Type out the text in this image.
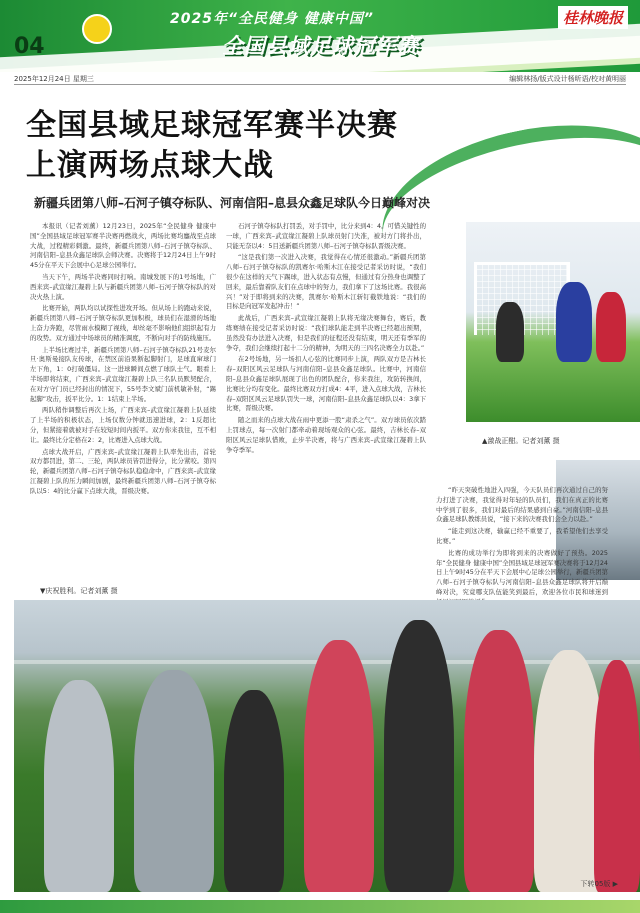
04
2025年“全民健身 健康中国”
全国县域足球冠军赛
桂林晚报
2025年12月24日 星期三	编辑林扬/版式设计杨昕语/校对黄明丽
全国县域足球冠军赛半决赛
上演两场点球大战
新疆兵团第八师–石河子镇夺标队、河南信阳–息县众鑫足球队今日巅峰对决

本报讯（记者刘薰）12月23日，2025年“全民健身 健康中国”全国县域足球冠军赛半决赛再燃战火，两场比赛均鏖战至点球大战，过程精彩刺激。最终，新疆兵团第八师–石河子镇夺标队、河南信阳–息县众鑫足球队会师决赛。决赛将于12月24日上午9时45分在平天下会展中心足球公园举行。

当天下午，两场半决赛同时打响。南城发展下的1号场地，广西来宾–武宣缘江凝碧上队与新疆兵团第八师–石河子镇夺标队的对决火热上演。

比赛开始，两队均以试探性进攻开场。但从场上的跑动来说，新疆兵团第八师–石河子镇夺标队更加积极，球员们在湿滑的场地上奋力奔跑，尽管雨水模糊了视线，却丝毫不影响他们组织起有力的攻势。双方通过中场球员的精准调度，不断向对手的防线施压。

上半场比赛过半，新疆兵团第八师–石河子镇夺标队21号麦尔旦·奥斯曼接队友传球，在禁区前沿果断起脚射门，足球直窜球门左下角，1：0打破僵局。这一进球瞬间点燃了球队士气。眼看上半场即将结束，广西来宾–武宣缘江凝碧上队三名队员默契配合，在对方守门员已经封出的情况下，55号李文斌门前机敏补射，“踢起脚”攻击，扳平比分。1：1结束上半场。

两队稍作调整后再次上场，广西来宾–武宣缘江凝碧上队延续了上半场的积极状态，上场仅数分钟就迅速进球，2：1反超比分，但紧接着就被对手在较短时间内扳平。双方你来我往，互不相让。最终比分定格在2：2，比赛进入点球大战。

点球大战开启，广西来宾–武宣缘江凝碧上队率先出击，首轮双方都罚进，第二、三轮，两队球员皆罚进得分，比分紧咬。第四轮，新疆兵团第八师–石河子镇夺标队稳稳命中，广西来宾–武宣缘江凝碧上队的压力瞬间加剧，最终新疆兵团第八师–石河子镇夺标队以5：4的比分赢下点球大战，晋级决赛。

石河子镇夺标队打罚丢，对手罚中，比分来到4：4。可惜关键性的一球，广西来宾–武宣缘江凝碧上队球员射门失准，被对方门将扑出，只能无奈以4：5目送新疆兵团第八师–石河子镇夺标队晋级决赛。

“这是我们第一次进入决赛，我觉得在心情还很激动。”新疆兵团第八师–石河子镇夺标队的凯赛尔·哈斯木江在接受记者采访时说，“我们很少在这样的天气下踢球，进入状态有点慢，但通过有分热身也调整了回来，最后靠着队友们在点球中的努力，我们拿下了这场比赛。我很高兴！”对于即将到来的决赛，凯赛尔·哈斯木江斩钉截铁地说：“我们的目标是向冠军发起冲击！”

此战后，广西来宾–武宣缘江凝碧上队将无缘决赛舞台，赛后，教练赛绩在接受记者采访时说：“我们球队能走到半决赛已经超出预期，虽然没有办法进入决赛，但是我们的征程还没有结束，明天还有季军的争夺，我们会继续打起十二分的精神，为明天的三四名决赛全力以赴。”

在2号场地，另一场扣人心弦的比赛同步上演，两队双方是吉林长春–双阳区风云足球队与河南信阳–息县众鑫足球队。比赛中，河南信阳–息县众鑫足球队展现了出色的团队配合，你来我往，攻防转换间，比赛比分均有变化。最终比赛双方打成4：4平，进入点球大战，吉林长春–双阳区风云足球队罚失一球，河南信阳–息县众鑫足球队以4：3拿下比赛，晋级决赛。

随之而来的点球大战在雨中更添一股“肃杀之气”。双方球员依次踏上罚球点，每一次射门都牵动着现场观众的心弦。最终，吉林长春–双阳区风云足球队惜败，止步半决赛，将与广西来宾–武宣缘江凝碧上队争夺季军。

▲激战正酣。记者刘薰 摄

“昨天突破性地进入四强，今天队员们再次通过自己的努力打进了决赛，我觉得对年轻的队员们，我们在真正的比赛中学到了很多，我们对最后的结果感到自豪。”河南信阳–息县众鑫足球队教练员说，“接下来的决赛我们会全力以赴。”

“能走到这决赛，输赢已经不重要了，我希望他们去享受比赛。”

比赛的成功举行为即将到来的决赛做好了预热。2025年“全民健身 健康中国”全国县域足球冠军赛决赛将于12月24日上午9时45分在平天下会展中心足球公园举行，新疆兵团第八师–石河子镇夺标队与河南信阳–息县众鑫足球队将开启巅峰对决，究竟哪支队伍能笑到最后，欢迎各位市民和球迷到

▼庆祝胜利。记者刘薰 摄
下转05版 ▶
